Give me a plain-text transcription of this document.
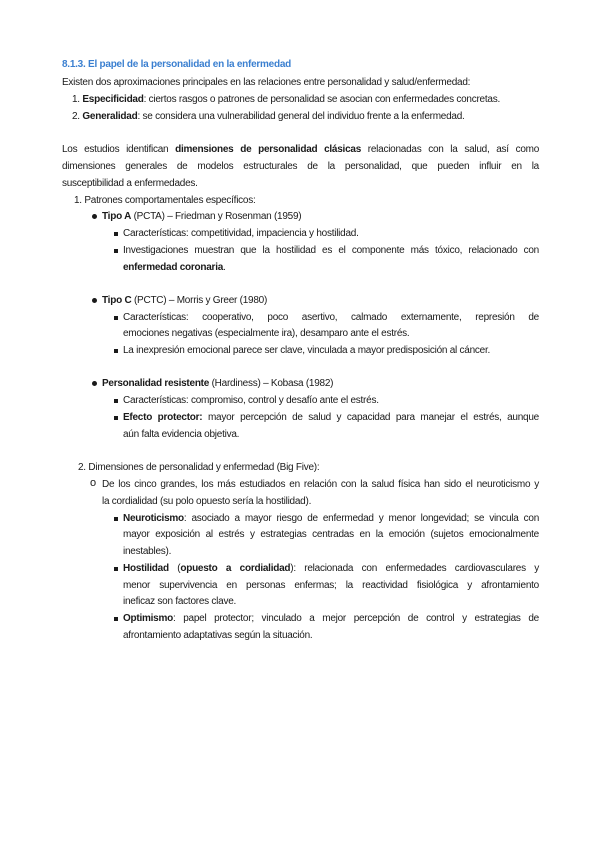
8.1.3. El papel de la personalidad en la enfermedad
Existen dos aproximaciones principales en las relaciones entre personalidad y salud/enfermedad:
1. Especificidad: ciertos rasgos o patrones de personalidad se asocian con enfermedades concretas.
2. Generalidad: se considera una vulnerabilidad general del individuo frente a la enfermedad.
Los estudios identifican dimensiones de personalidad clásicas relacionadas con la salud, así como
dimensiones generales de modelos estructurales de la personalidad, que pueden influir en la
susceptibilidad a enfermedades.
1. Patrones comportamentales específicos:
Tipo A (PCTA) – Friedman y Rosenman (1959)
Características: competitividad, impaciencia y hostilidad.
Investigaciones muestran que la hostilidad es el componente más tóxico, relacionado con
enfermedad coronaria.
Tipo C (PCTC) – Morris y Greer (1980)
Características: cooperativo, poco asertivo, calmado externamente, represión de
emociones negativas (especialmente ira), desamparo ante el estrés.
La inexpresión emocional parece ser clave, vinculada a mayor predisposición al cáncer.
Personalidad resistente (Hardiness) – Kobasa (1982)
Características: compromiso, control y desafío ante el estrés.
Efecto protector: mayor percepción de salud y capacidad para manejar el estrés, aunque
aún falta evidencia objetiva.
2. Dimensiones de personalidad y enfermedad (Big Five):
o De los cinco grandes, los más estudiados en relación con la salud física han sido el neuroticismo y
la cordialidad (su polo opuesto sería la hostilidad).
Neuroticismo: asociado a mayor riesgo de enfermedad y menor longevidad; se vincula con
mayor exposición al estrés y estrategias centradas en la emoción (sujetos emocionalmente
inestables).
Hostilidad (opuesto a cordialidad): relacionada con enfermedades cardiovasculares y
menor supervivencia en personas enfermas; la reactividad fisiológica y afrontamiento
ineficaz son factores clave.
Optimismo: papel protector; vinculado a mejor percepción de control y estrategias de
afrontamiento adaptativas según la situación.
